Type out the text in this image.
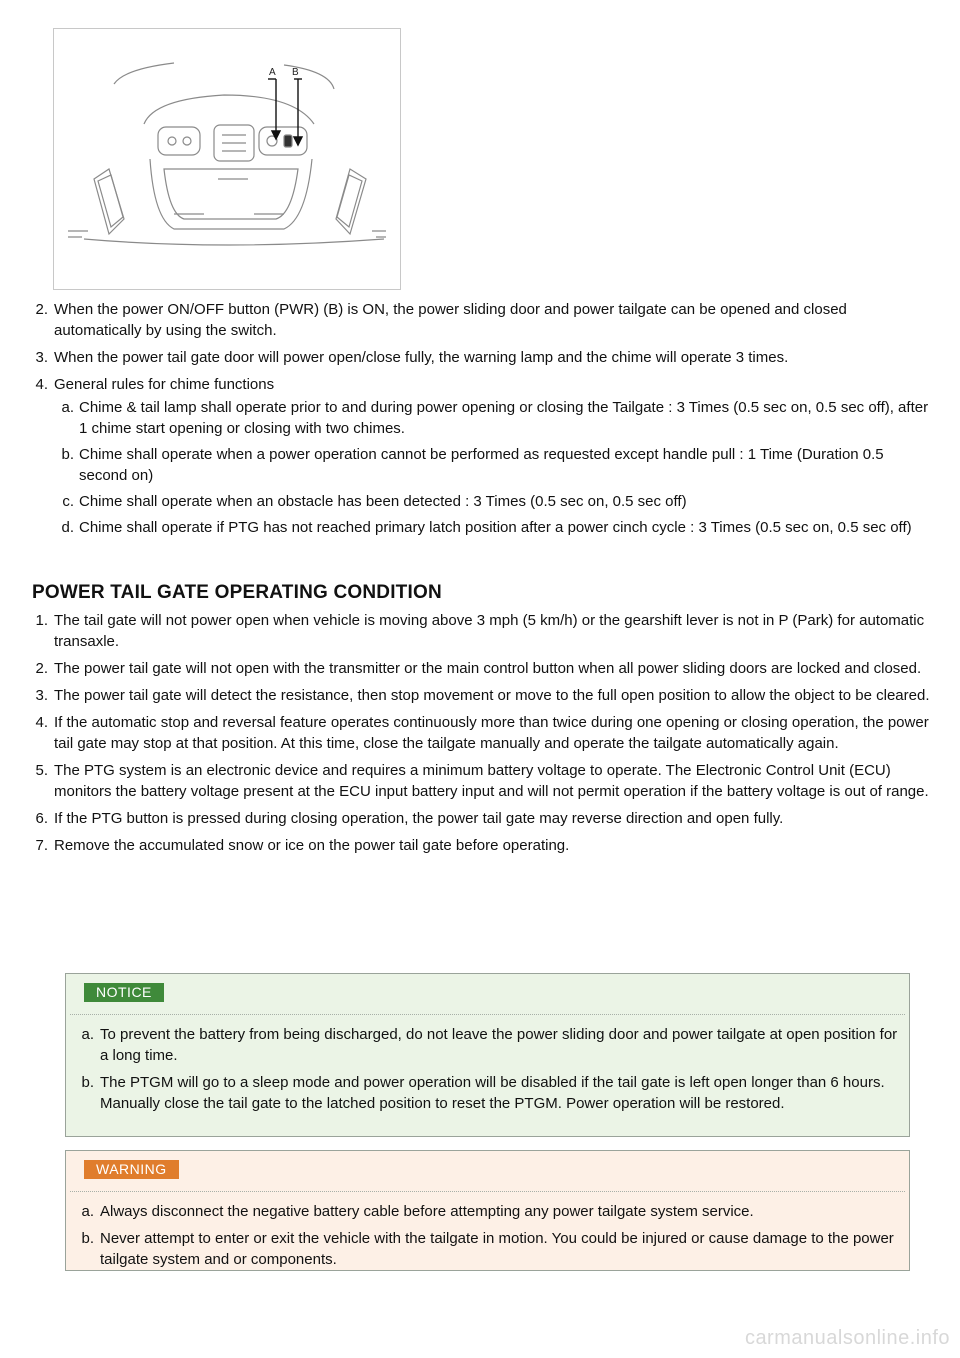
A B
2. When the power ON/OFF button (PWR) (B) is ON, the power sliding door and power tailgate can be opened and closed automatically by using the switch.
3. When the power tail gate door will power open/close fully, the warning lamp and the chime will operate 3 times.
4. General rules for chime functions
a. Chime & tail lamp shall operate prior to and during power opening or closing the Tailgate : 3 Times (0.5 sec on, 0.5 sec off), after 1 chime start opening or closing with two chimes.
b. Chime shall operate when a power operation cannot be performed as requested except handle pull : 1 Time (Duration 0.5 second on)
c. Chime shall operate when an obstacle has been detected : 3 Times (0.5 sec on, 0.5 sec off)
d. Chime shall operate if PTG has not reached primary latch position after a power cinch cycle : 3 Times (0.5 sec on, 0.5 sec off)
POWER TAIL GATE OPERATING CONDITION
1. The tail gate will not power open when vehicle is moving above 3 mph (5 km/h) or the gearshift lever is not in P (Park) for automatic transaxle.
2. The power tail gate will not open with the transmitter or the main control button when all power sliding doors are locked and closed.
3. The power tail gate will detect the resistance, then stop movement or move to the full open position to allow the object to be cleared.
4. If the automatic stop and reversal feature operates continuously more than twice during one opening or closing operation, the power tail gate may stop at that position. At this time, close the tailgate manually and operate the tailgate automatically again.
5. The PTG system is an electronic device and requires a minimum battery voltage to operate. The Electronic Control Unit (ECU) monitors the battery voltage present at the ECU input battery input and will not permit operation if the battery voltage is out of range.
6. If the PTG button is pressed during closing operation, the power tail gate may reverse direction and open fully.
7. Remove the accumulated snow or ice on the power tail gate before operating.
NOTICE
a. To prevent the battery from being discharged, do not leave the power sliding door and power tailgate at open position for a long time.
b. The PTGM will go to a sleep mode and power operation will be disabled if the tail gate is left open longer than 6 hours.
Manually close the tail gate to the latched position to reset the PTGM. Power operation will be restored.
WARNING
a. Always disconnect the negative battery cable before attempting any power tailgate system service.
b. Never attempt to enter or exit the vehicle with the tailgate in motion. You could be injured or cause damage to the power tailgate system and or components.
carmanualsonline.info
